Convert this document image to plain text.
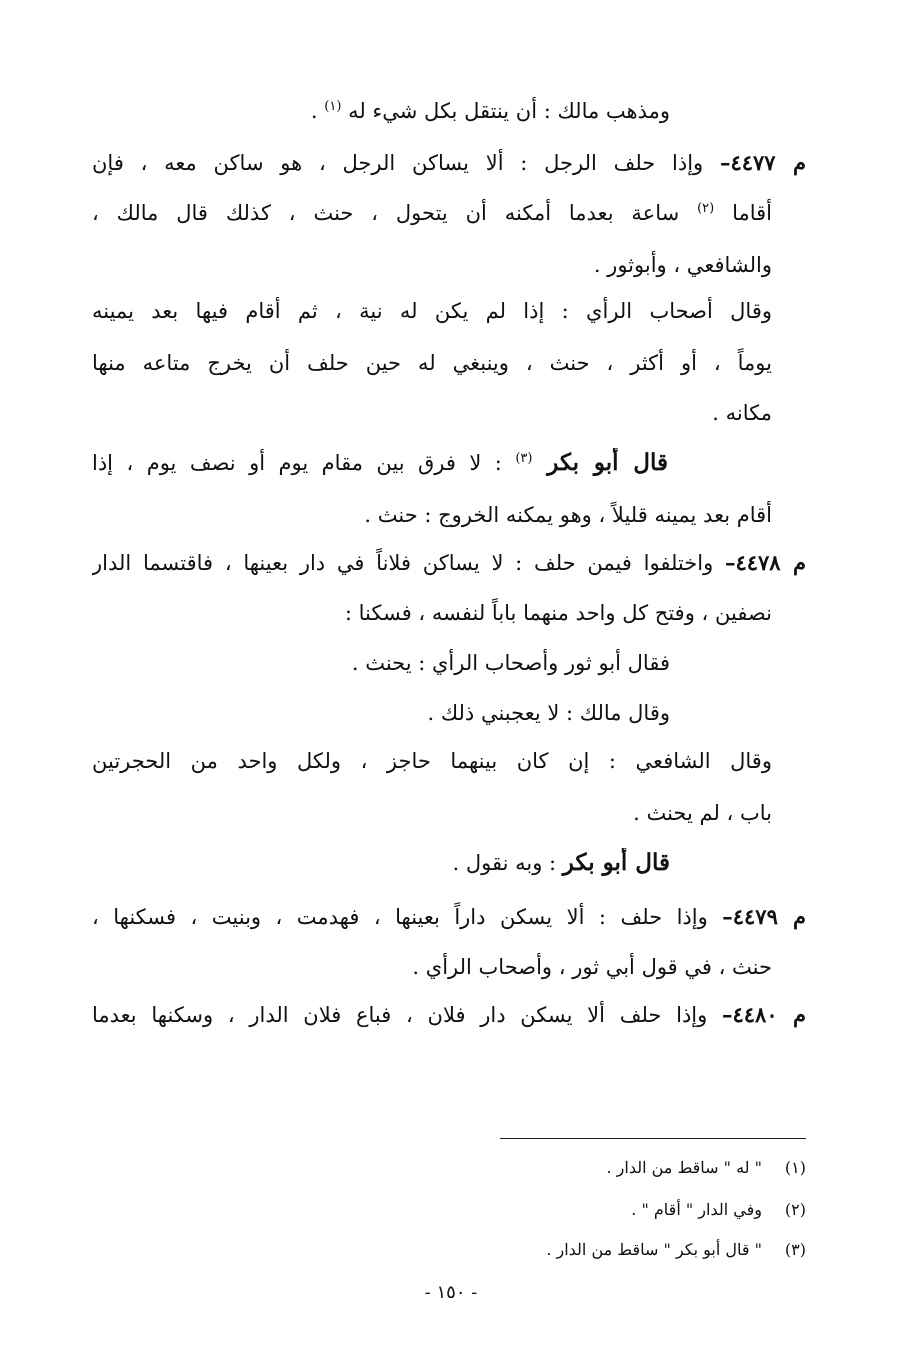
ومذهب مالك : أن ينتقل بكل شيء له $^{(١)}$ .
م ٤٤٧٧– وإذا حلف الرجل : ألا يساكن الرجل ، هو ساكن معه ، فإن
أقاما $^{(٢)}$ ساعة بعدما أمكنه أن يتحول ، حنث ، كذلك قال مالك ،
والشافعي ، وأبوثور .
وقال أصحاب الرأي : إذا لم يكن له نية ، ثم أقام فيها بعد يمينه
يوماً ، أو أكثر ، حنث ، وينبغي له حين حلف أن يخرج متاعه منها
مكانه .
قال أبو بكر $^{(٣)}$ : لا فرق بين مقام يوم أو نصف يوم ، إذا
أقام بعد يمينه قليلاً ، وهو يمكنه الخروج : حنث .
م ٤٤٧٨– واختلفوا فيمن حلف : لا يساكن فلاناً في دار بعينها ، فاقتسما الدار
نصفين ، وفتح كل واحد منهما باباً لنفسه ، فسكنا :
فقال أبو ثور وأصحاب الرأي : يحنث .
وقال مالك : لا يعجبني ذلك .
وقال الشافعي : إن كان بينهما حاجز ، ولكل واحد من الحجرتين
باب ، لم يحنث .
قال أبو بكر : وبه نقول .
م ٤٤٧٩– وإذا حلف : ألا يسكن داراً بعينها ، فهدمت ، وبنيت ، فسكنها ،
حنث ، في قول أبي ثور ، وأصحاب الرأي .
م ٤٤٨٠– وإذا حلف ألا يسكن دار فلان ، فباع فلان الدار ، وسكنها بعدما
(١)" له " ساقط من الدار .
(٢)وفي الدار " أقام " .
(٣)" قال أبو بكر " ساقط من الدار .
- ١٥٠ -
